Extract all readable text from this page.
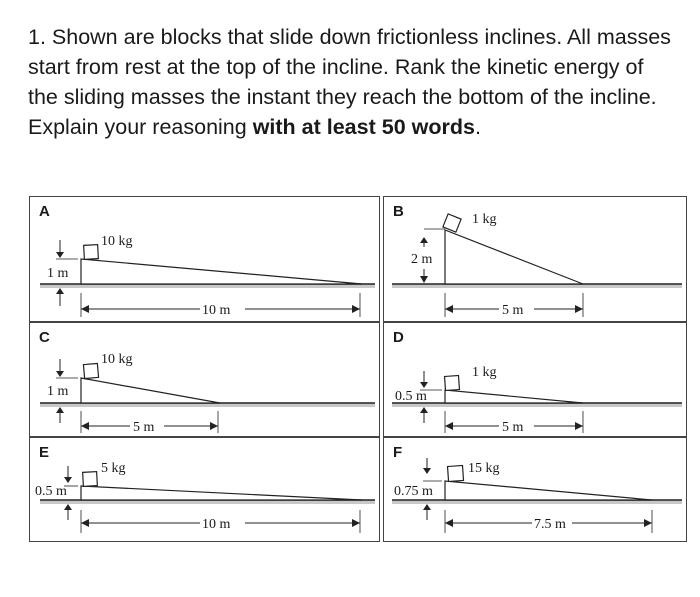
1. Shown are blocks that slide down frictionless inclines. All masses start from rest at the top of the incline. Rank the kinetic energy of the sliding masses the instant they reach the bottom of the incline. Explain your reasoning with at least 50 words.
A
10 kg
1 m
10 m
B	1 kg
2 m
5 m
C
10 kg
1 m
5 m
D
1 kg
0.5 m
5 m
E
5 kg
0.5 m
10 m
F
15 kg
0.75 m
7.5 m
